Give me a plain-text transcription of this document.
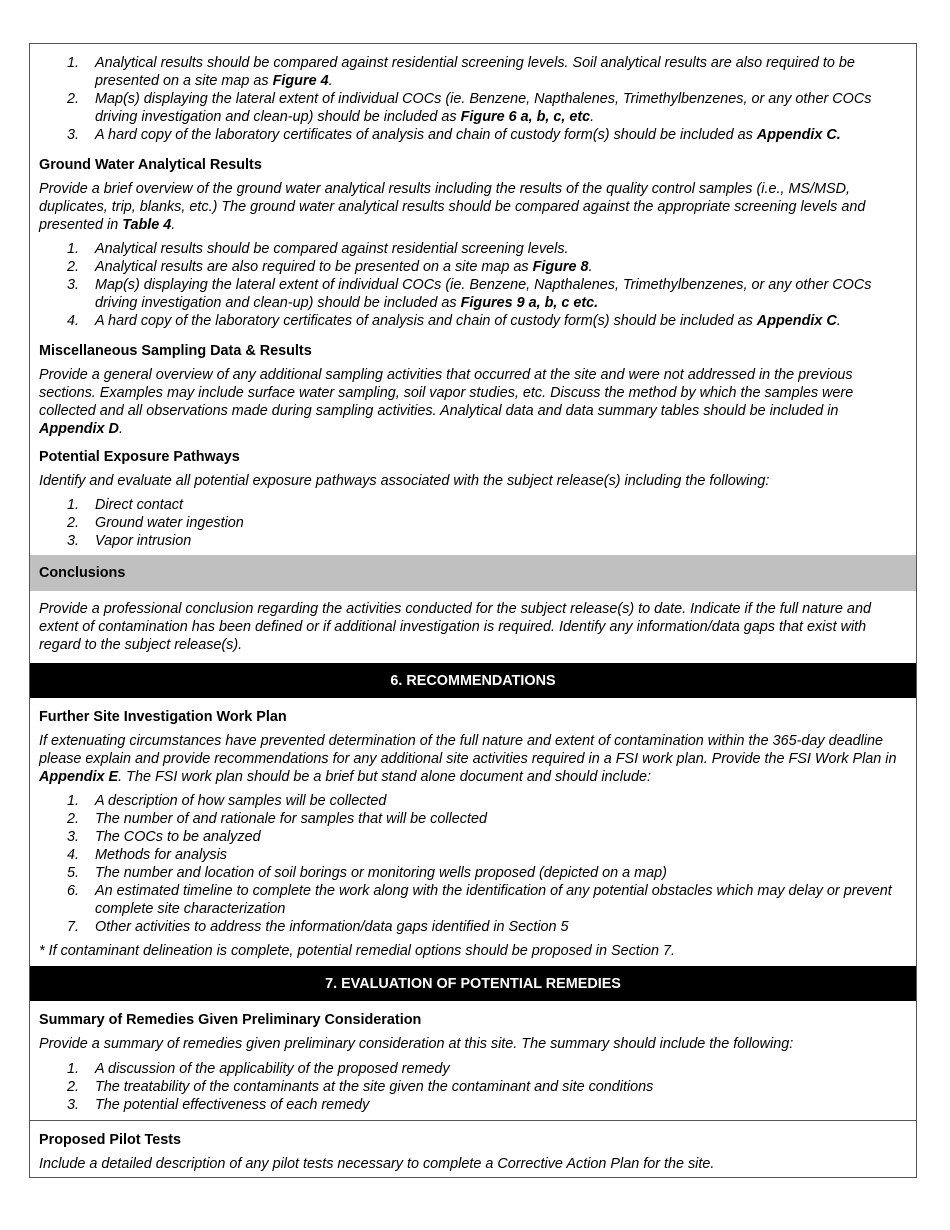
1. Analytical results should be compared against residential screening levels. Soil analytical results are also required to be presented on a site map as Figure 4.
2. Map(s) displaying the lateral extent of individual COCs (ie. Benzene, Napthalenes, Trimethylbenzenes, or any other COCs driving investigation and clean-up) should be included as Figure 6 a, b, c, etc.
3. A hard copy of the laboratory certificates of analysis and chain of custody form(s) should be included as Appendix C.
Ground Water Analytical Results
Provide a brief overview of the ground water analytical results including the results of the quality control samples (i.e., MS/MSD, duplicates, trip, blanks, etc.) The ground water analytical results should be compared against the appropriate screening levels and presented in Table 4.
1. Analytical results should be compared against residential screening levels.
2. Analytical results are also required to be presented on a site map as Figure 8.
3. Map(s) displaying the lateral extent of individual COCs (ie. Benzene, Napthalenes, Trimethylbenzenes, or any other COCs driving investigation and clean-up) should be included as Figures 9 a, b, c etc.
4. A hard copy of the laboratory certificates of analysis and chain of custody form(s) should be included as Appendix C.
Miscellaneous Sampling Data & Results
Provide a general overview of any additional sampling activities that occurred at the site and were not addressed in the previous sections. Examples may include surface water sampling, soil vapor studies, etc. Discuss the method by which the samples were collected and all observations made during sampling activities. Analytical data and data summary tables should be included in Appendix D.
Potential Exposure Pathways
Identify and evaluate all potential exposure pathways associated with the subject release(s) including the following:
1. Direct contact
2. Ground water ingestion
3. Vapor intrusion
Conclusions
Provide a professional conclusion regarding the activities conducted for the subject release(s) to date. Indicate if the full nature and extent of contamination has been defined or if additional investigation is required. Identify any information/data gaps that exist with regard to the subject release(s).
6. RECOMMENDATIONS
Further Site Investigation Work Plan
If extenuating circumstances have prevented determination of the full nature and extent of contamination within the 365-day deadline please explain and provide recommendations for any additional site activities required in a FSI work plan. Provide the FSI Work Plan in Appendix E. The FSI work plan should be a brief but stand alone document and should include:
1. A description of how samples will be collected
2. The number of and rationale for samples that will be collected
3. The COCs to be analyzed
4. Methods for analysis
5. The number and location of soil borings or monitoring wells proposed (depicted on a map)
6. An estimated timeline to complete the work along with the identification of any potential obstacles which may delay or prevent complete site characterization
7. Other activities to address the information/data gaps identified in Section 5
* If contaminant delineation is complete, potential remedial options should be proposed in Section 7.
7. EVALUATION OF POTENTIAL REMEDIES
Summary of Remedies Given Preliminary Consideration
Provide a summary of remedies given preliminary consideration at this site. The summary should include the following:
1. A discussion of the applicability of the proposed remedy
2. The treatability of the contaminants at the site given the contaminant and site conditions
3. The potential effectiveness of each remedy
Proposed Pilot Tests
Include a detailed description of any pilot tests necessary to complete a Corrective Action Plan for the site.
